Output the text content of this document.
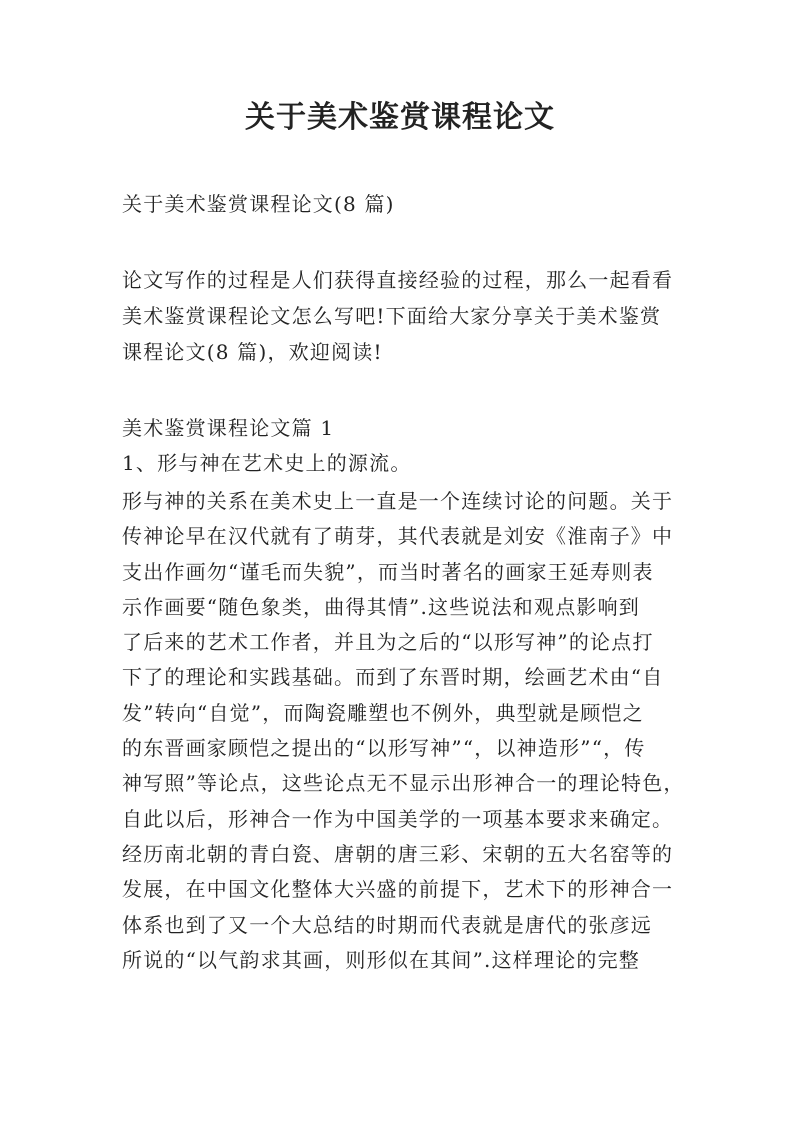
关于美术鉴赏课程论文
关于美术鉴赏课程论文(8 篇)
论文写作的过程是人们获得直接经验的过程，那么一起看看
美术鉴赏课程论文怎么写吧!下面给大家分享关于美术鉴赏
课程论文(8 篇)，欢迎阅读!
美术鉴赏课程论文篇 1
1、形与神在艺术史上的源流。
形与神的关系在美术史上一直是一个连续讨论的问题。关于
传神论早在汉代就有了萌芽，其代表就是刘安《淮南子》中
支出作画勿“谨毛而失貌”，而当时著名的画家王延寿则表
示作画要“随色象类，曲得其情”.这些说法和观点影响到
了后来的艺术工作者，并且为之后的“以形写神”的论点打
下了的理论和实践基础。而到了东晋时期，绘画艺术由“自
发”转向“自觉”，而陶瓷雕塑也不例外，典型就是顾恺之
的东晋画家顾恺之提出的“以形写神”“，以神造形”“，传
神写照”等论点，这些论点无不显示出形神合一的理论特色，
自此以后，形神合一作为中国美学的一项基本要求来确定。
经历南北朝的青白瓷、唐朝的唐三彩、宋朝的五大名窑等的
发展，在中国文化整体大兴盛的前提下，艺术下的形神合一
体系也到了又一个大总结的时期而代表就是唐代的张彦远
所说的“以气韵求其画，则形似在其间”.这样理论的完整
